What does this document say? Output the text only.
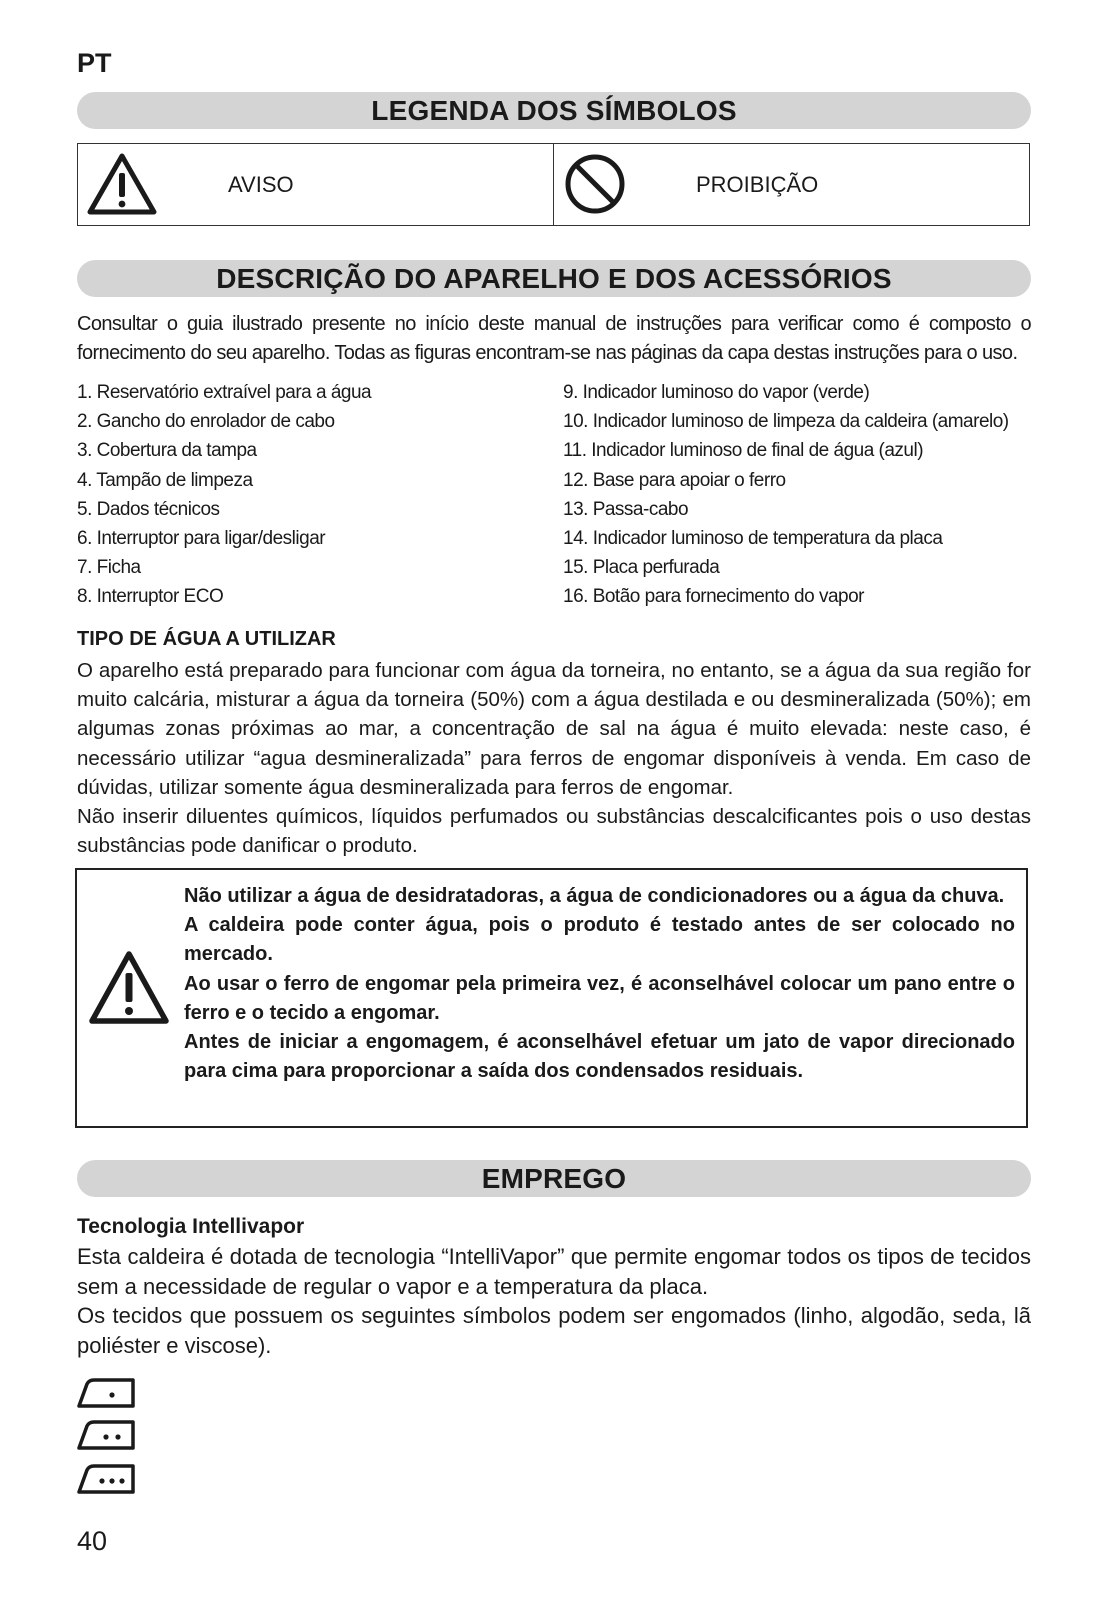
PT
LEGENDA DOS SÍMBOLOS
AVISO	PROIBIÇÃO
DESCRIÇÃO DO APARELHO E DOS ACESSÓRIOS
Consultar o guia ilustrado presente no início deste manual de instruções para verificar como é composto o fornecimento do seu aparelho. Todas as figuras encontram-se nas páginas da capa destas instruções para o uso.
1. Reservatório extraível para a água
2. Gancho do enrolador de cabo
3. Cobertura da tampa
4. Tampão de limpeza
5. Dados técnicos
6. Interruptor para ligar/desligar
7. Ficha
8. Interruptor ECO
9. Indicador luminoso do vapor (verde)
10. Indicador luminoso de limpeza da caldeira (amarelo)
11. Indicador luminoso de final de água (azul)
12. Base para apoiar o ferro
13. Passa-cabo
14. Indicador luminoso de temperatura da placa
15. Placa perfurada
16. Botão para fornecimento do vapor
TIPO DE ÁGUA A UTILIZAR

O aparelho está preparado para funcionar com água da torneira, no entanto, se a água da sua região for muito calcária, misturar a água da torneira (50%) com a água destilada e ou desmineralizada (50%); em algumas zonas próximas ao mar, a concentração de sal na água é muito elevada: neste caso, é necessário utilizar “agua desmineralizada” para ferros de engomar disponíveis à venda. Em caso de dúvidas, utilizar somente água desmineralizada para ferros de engomar.

Não inserir diluentes químicos, líquidos perfumados ou substâncias descalcificantes pois o uso destas substâncias pode danificar o produto.

Não utilizar a água de desidratadoras, a água de condicionadores ou a água da chuva.

A caldeira pode conter água, pois o produto é testado antes de ser colocado no mercado.

Ao usar o ferro de engomar pela primeira vez, é aconselhável colocar um pano entre o ferro e o tecido a engomar.

Antes de iniciar a engomagem, é aconselhável efetuar um jato de vapor direcionado para cima para proporcionar a saída dos condensados residuais.

EMPREGO
Tecnologia Intellivapor

Esta caldeira é dotada de tecnologia “IntelliVapor” que permite engomar todos os tipos de tecidos sem a necessidade de regular o vapor e a temperatura da placa.

Os tecidos que possuem os seguintes símbolos podem ser engomados (linho, algodão, seda, lã poliéster e viscose).

40
